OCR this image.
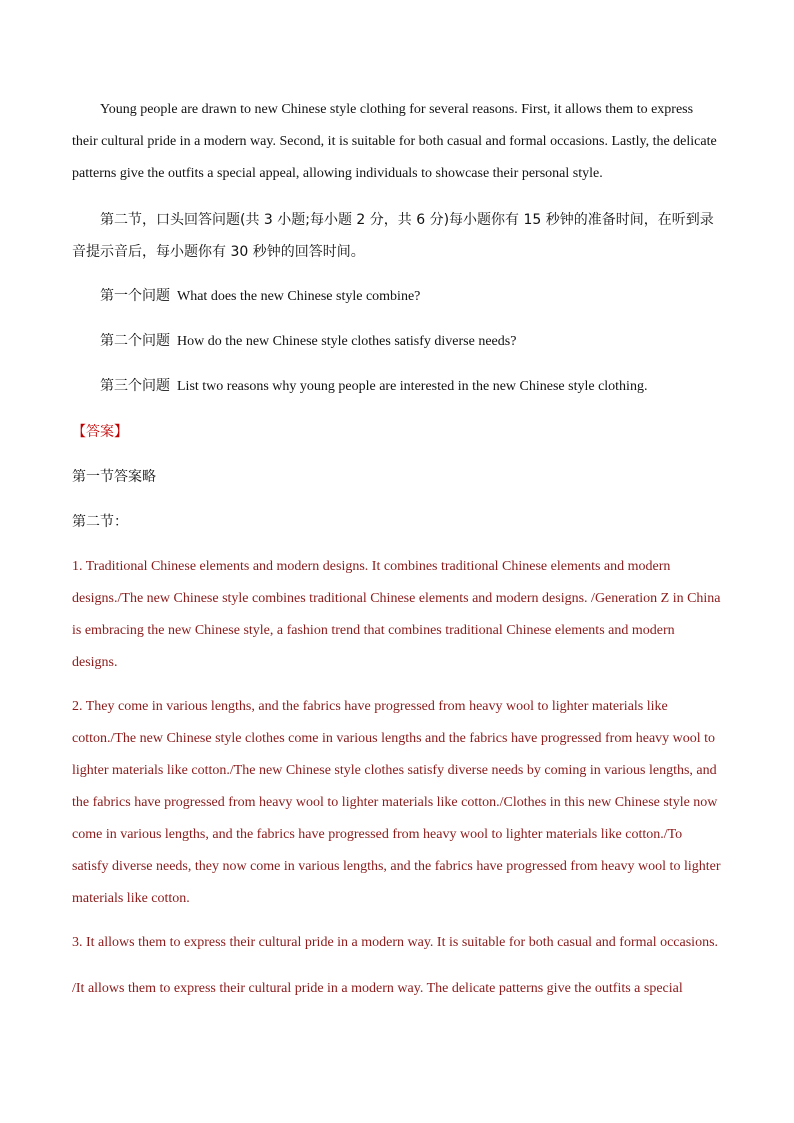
Young people are drawn to new Chinese style clothing for several reasons. First, it allows them to express their cultural pride in a modern way. Second, it is suitable for both casual and formal occasions. Lastly, the delicate patterns give the outfits a special appeal, allowing individuals to showcase their personal style.

第二节，口头回答问题(共 3 小题;每小题 2 分，共 6 分)每小题你有 15 秒钟的准备时间，在听到录音提示音后，每小题你有 30 秒钟的回答时间。

第一个问题 What does the new Chinese style combine?

第二个问题 How do the new Chinese style clothes satisfy diverse needs?

第三个问题 List two reasons why young people are interested in the new Chinese style clothing.

【答案】

第一节答案略

第二节：

1. Traditional Chinese elements and modern designs. It combines traditional Chinese elements and modern designs./The new Chinese style combines traditional Chinese elements and modern designs. /Generation Z in China is embracing the new Chinese style, a fashion trend that combines traditional Chinese elements and modern designs.

2. They come in various lengths, and the fabrics have progressed from heavy wool to lighter materials like cotton./The new Chinese style clothes come in various lengths and the fabrics have progressed from heavy wool to lighter materials like cotton./The new Chinese style clothes satisfy diverse needs by coming in various lengths, and the fabrics have progressed from heavy wool to lighter materials like cotton./Clothes in this new Chinese style now come in various lengths, and the fabrics have progressed from heavy wool to lighter materials like cotton./To satisfy diverse needs, they now come in various lengths, and the fabrics have progressed from heavy wool to lighter materials like cotton.

3. It allows them to express their cultural pride in a modern way. It is suitable for both casual and formal occasions.

/It allows them to express their cultural pride in a modern way. The delicate patterns give the outfits a special
